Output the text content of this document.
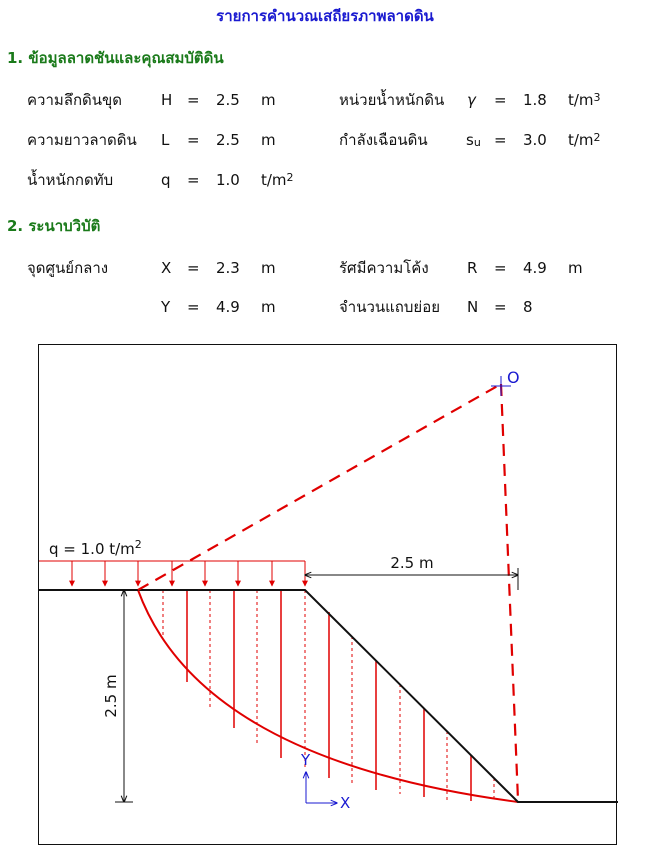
รายการคำนวณเสถียรภาพลาดดิน
1. ข้อมูลลาดชันและคุณสมบัติดิน
ความลึกดินขุด	H = 2.5 m	หน่วยน้ำหนักดิน γ = 1.8 $t/m^3$
ความยาวลาดดิน L = 2.5 m	กำลังเฉือนดิน	$s_u = 3.0$ $t/m^2$
น้ำหนักกดทับ	q = 1.0 $t/m^2$
2. ระนาบวิบัติ
จุดศูนย์กลาง	X = 2.3 m	รัศมีความโค้ง	R = 4.9 m
Y = 4.9 m	จำนวนแถบย่อย N = 8
q = 1.0 $t/m^2$
O
2.5 m
2.5 m
X
Y
